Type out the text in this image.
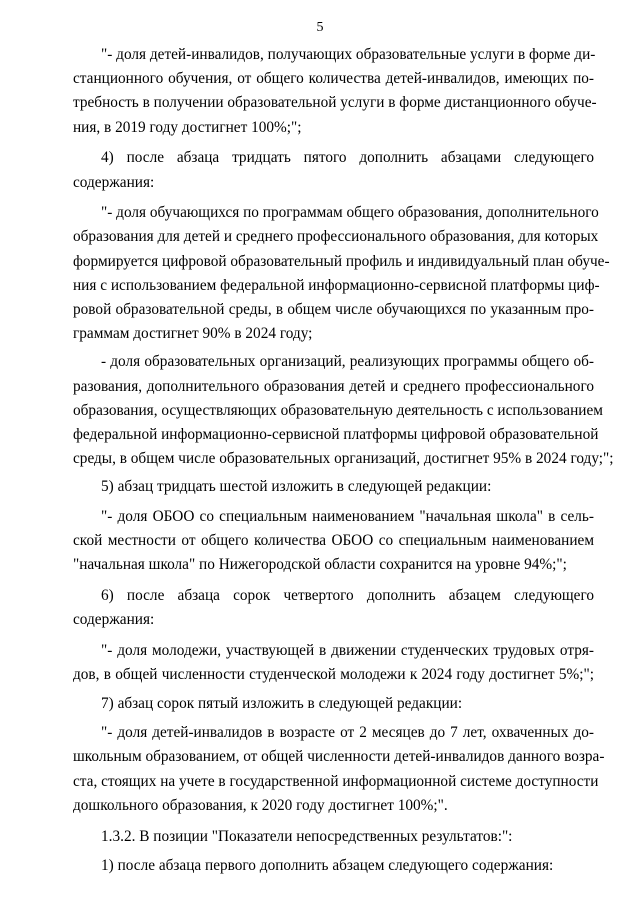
5
"- доля детей-инвалидов, получающих образовательные услуги в форме ди-
станционного обучения, от общего количества детей-инвалидов, имеющих по-
требность в получении образовательной услуги в форме дистанционного обуче-
ния, в 2019 году достигнет 100%;";
4) после абзаца тридцать пятого дополнить абзацами следующего
содержания:
"- доля обучающихся по программам общего образования, дополнительного
образования для детей и среднего профессионального образования, для которых
формируется цифровой образовательный профиль и индивидуальный план обуче-
ния с использованием федеральной информационно-сервисной платформы циф-
ровой образовательной среды, в общем числе обучающихся по указанным про-
граммам достигнет 90% в 2024 году;
- доля образовательных организаций, реализующих программы общего об-
разования, дополнительного образования детей и среднего профессионального
образования, осуществляющих образовательную деятельность с использованием
федеральной информационно-сервисной платформы цифровой образовательной
среды, в общем числе образовательных организаций, достигнет 95% в 2024 году;";
5) абзац тридцать шестой изложить в следующей редакции:
"- доля ОБОО со специальным наименованием "начальная школа" в сель-
ской местности от общего количества ОБОО со специальным наименованием
"начальная школа" по Нижегородской области сохранится на уровне 94%;";
6) после абзаца сорок четвертого дополнить абзацем следующего
содержания:
"- доля молодежи, участвующей в движении студенческих трудовых отря-
дов, в общей численности студенческой молодежи к 2024 году достигнет 5%;";
7) абзац сорок пятый изложить в следующей редакции:
"- доля детей-инвалидов в возрасте от 2 месяцев до 7 лет, охваченных до-
школьным образованием, от общей численности детей-инвалидов данного возра-
ста, стоящих на учете в государственной информационной системе доступности
дошкольного образования, к 2020 году достигнет 100%;".
1.3.2. В позиции "Показатели непосредственных результатов:":
1) после абзаца первого дополнить абзацем следующего содержания:
